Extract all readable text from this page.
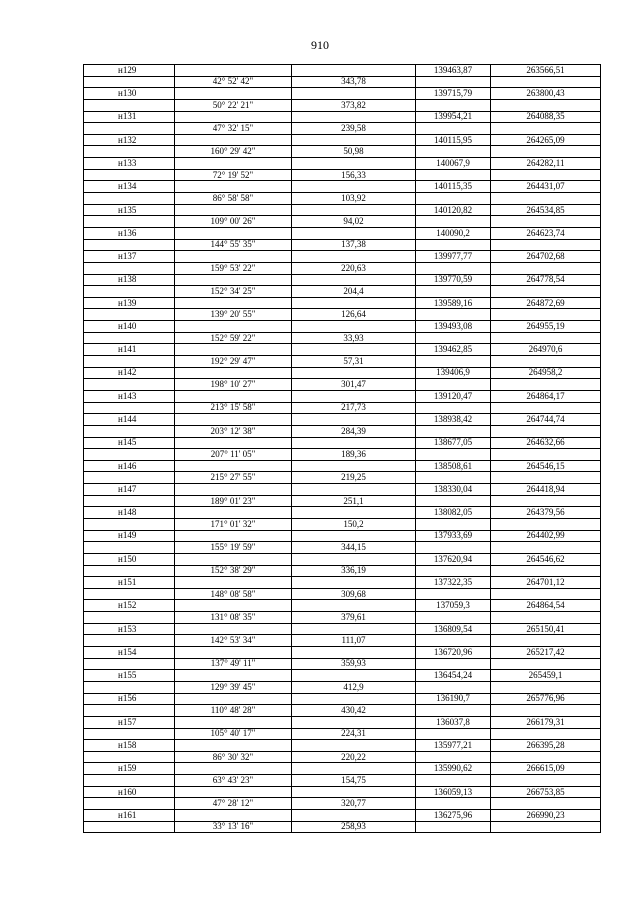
910
н129			139463,87	263566,51
	42° 52' 42"	343,78		
н130			139715,79	263800,43
	50° 22' 21"	373,82		
н131			139954,21	264088,35
	47° 32' 15"	239,58		
н132			140115,95	264265,09
	160° 29' 42"	50,98		
н133			140067,9	264282,11
	72° 19' 52"	156,33		
н134			140115,35	264431,07
	86° 58' 58"	103,92		
н135			140120,82	264534,85
	109° 00' 26"	94,02		
н136			140090,2	264623,74
	144° 55' 35"	137,38		
н137			139977,77	264702,68
	159° 53' 22"	220,63		
н138			139770,59	264778,54
	152° 34' 25"	204,4		
н139			139589,16	264872,69
	139° 20' 55"	126,64		
н140			139493,08	264955,19
	152° 59' 22"	33,93		
н141			139462,85	264970,6
	192° 29' 47"	57,31		
н142			139406,9	264958,2
	198° 10' 27"	301,47		
н143			139120,47	264864,17
	213° 15' 58"	217,73		
н144			138938,42	264744,74
	203° 12' 38"	284,39		
н145			138677,05	264632,66
	207° 11' 05"	189,36		
н146			138508,61	264546,15
	215° 27' 55"	219,25		
н147			138330,04	264418,94
	189° 01' 23"	251,1		
н148			138082,05	264379,56
	171° 01' 32"	150,2		
н149			137933,69	264402,99
	155° 19' 59"	344,15		
н150			137620,94	264546,62
	152° 38' 29"	336,19		
н151			137322,35	264701,12
	148° 08' 58"	309,68		
н152			137059,3	264864,54
	131° 08' 35"	379,61		
н153			136809,54	265150,41
	142° 53' 34"	111,07		
н154			136720,96	265217,42
	137° 49' 11"	359,93		
н155			136454,24	265459,1
	129° 39' 45"	412,9		
н156			136190,7	265776,96
	110° 48' 28"	430,42		
н157			136037,8	266179,31
	105° 40' 17"	224,31		
н158			135977,21	266395,28
	86° 30' 32"	220,22		
н159			135990,62	266615,09
	63° 43' 23"	154,75		
н160			136059,13	266753,85
	47° 28' 12"	320,77		
н161			136275,96	266990,23
	33° 13' 16"	258,93		
